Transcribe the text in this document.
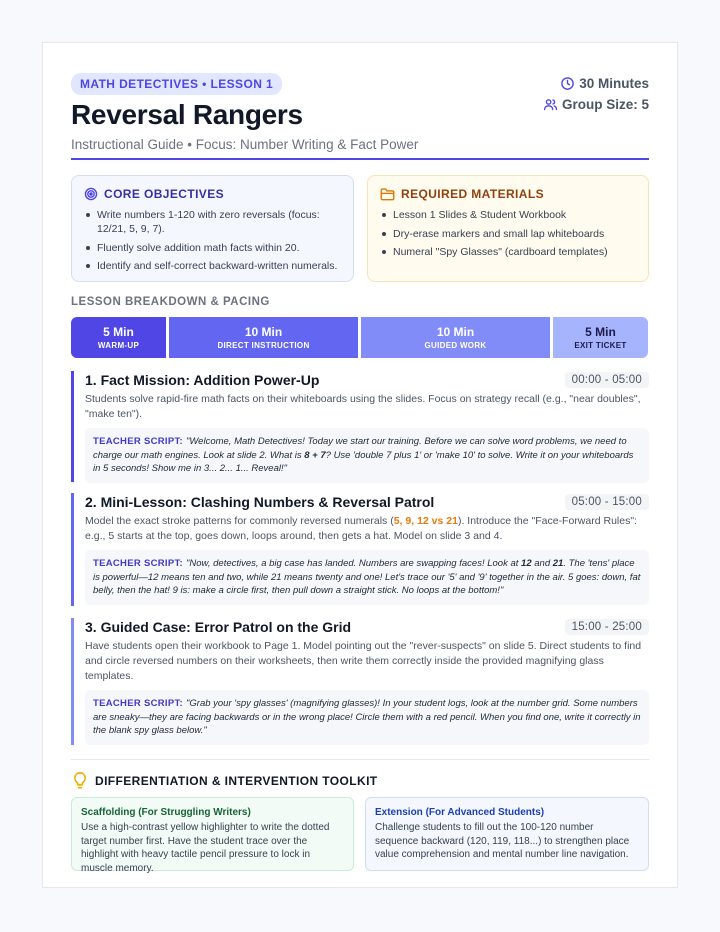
MATH DETECTIVES • LESSON 1
Reversal Rangers
Instructional Guide • Focus: Number Writing & Fact Power
30 Minutes
Group Size: 5
CORE OBJECTIVES
Write numbers 1-120 with zero reversals (focus: 12/21, 5, 9, 7).
Fluently solve addition math facts within 20.
Identify and self-correct backward-written numerals.
REQUIRED MATERIALS
Lesson 1 Slides & Student Workbook
Dry-erase markers and small lap whiteboards
Numeral "Spy Glasses" (cardboard templates)
LESSON BREAKDOWN & PACING
5 Min
WARM-UP
10 Min
DIRECT INSTRUCTION
10 Min
GUIDED WORK
5 Min
EXIT TICKET
1. Fact Mission: Addition Power-Up	00:00 - 05:00
Students solve rapid-fire math facts on their whiteboards using the slides. Focus on strategy recall (e.g., "near doubles", "make ten").
TEACHER SCRIPT: "Welcome, Math Detectives! Today we start our training. Before we can solve word problems, we need to charge our math engines. Look at slide 2. What is 8 + 7? Use 'double 7 plus 1' or 'make 10' to solve. Write it on your whiteboards in 5 seconds! Show me in 3... 2... 1... Reveal!"
2. Mini-Lesson: Clashing Numbers & Reversal Patrol	05:00 - 15:00
Model the exact stroke patterns for commonly reversed numerals (5, 9, 12 vs 21). Introduce the "Face-Forward Rules": e.g., 5 starts at the top, goes down, loops around, then gets a hat. Model on slide 3 and 4.
TEACHER SCRIPT: "Now, detectives, a big case has landed. Numbers are swapping faces! Look at 12 and 21. The 'tens' place is powerful—12 means ten and two, while 21 means twenty and one! Let's trace our '5' and '9' together in the air. 5 goes: down, fat belly, then the hat! 9 is: make a circle first, then pull down a straight stick. No loops at the bottom!"
3. Guided Case: Error Patrol on the Grid	15:00 - 25:00
Have students open their workbook to Page 1. Model pointing out the "rever-suspects" on slide 5. Direct students to find and circle reversed numbers on their worksheets, then write them correctly inside the provided magnifying glass templates.
TEACHER SCRIPT: "Grab your 'spy glasses' (magnifying glasses)! In your student logs, look at the number grid. Some numbers are sneaky—they are facing backwards or in the wrong place! Circle them with a red pencil. When you find one, write it correctly in the blank spy glass below."
DIFFERENTIATION & INTERVENTION TOOLKIT
Scaffolding (For Struggling Writers)
Use a high-contrast yellow highlighter to write the dotted target number first. Have the student trace over the highlight with heavy tactile pencil pressure to lock in muscle memory.
Extension (For Advanced Students)
Challenge students to fill out the 100-120 number sequence backward (120, 119, 118...) to strengthen place value comprehension and mental number line navigation.
